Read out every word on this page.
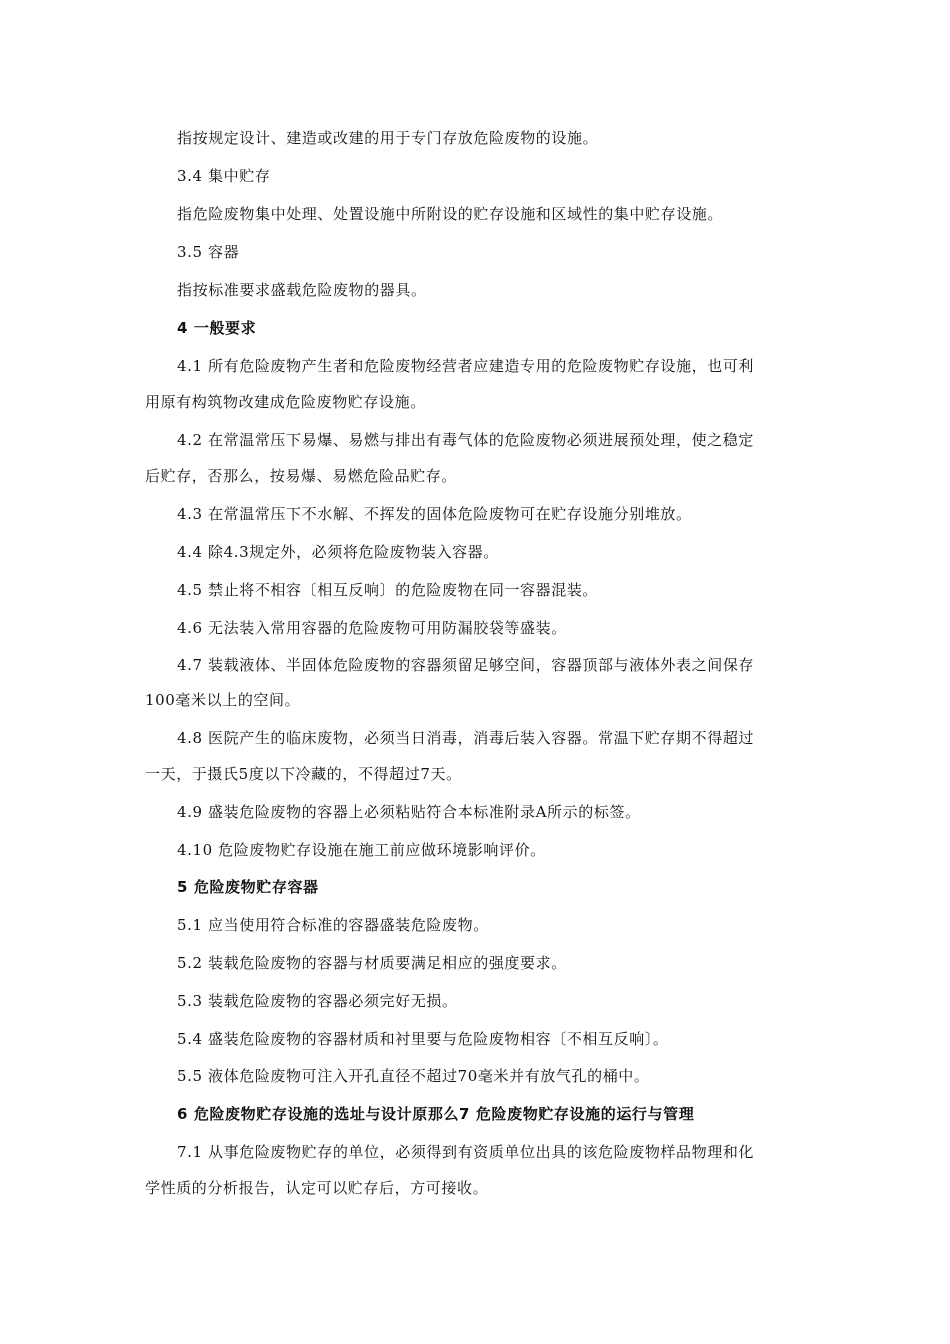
指按规定设计、建造或改建的用于专门存放危险废物的设施。
3.4 集中贮存
指危险废物集中处理、处置设施中所附设的贮存设施和区域性的集中贮存设施。
3.5 容器
指按标准要求盛载危险废物的器具。
4 一般要求
4.1 所有危险废物产生者和危险废物经营者应建造专用的危险废物贮存设施，也可利
用原有构筑物改建成危险废物贮存设施。
4.2 在常温常压下易爆、易燃与排出有毒气体的危险废物必须进展预处理，使之稳定
后贮存，否那么，按易爆、易燃危险品贮存。
4.3 在常温常压下不水解、不挥发的固体危险废物可在贮存设施分别堆放。
4.4 除4.3规定外，必须将危险废物装入容器。
4.5 禁止将不相容〔相互反响〕的危险废物在同一容器混装。
4.6 无法装入常用容器的危险废物可用防漏胶袋等盛装。
4.7 装载液体、半固体危险废物的容器须留足够空间，容器顶部与液体外表之间保存
100毫米以上的空间。
4.8 医院产生的临床废物，必须当日消毒，消毒后装入容器。常温下贮存期不得超过
一天，于摄氏5度以下冷藏的，不得超过7天。
4.9 盛装危险废物的容器上必须粘贴符合本标准附录A所示的标签。
4.10 危险废物贮存设施在施工前应做环境影响评价。
5 危险废物贮存容器
5.1 应当使用符合标准的容器盛装危险废物。
5.2 装载危险废物的容器与材质要满足相应的强度要求。
5.3 装载危险废物的容器必须完好无损。
5.4 盛装危险废物的容器材质和衬里要与危险废物相容〔不相互反响〕。
5.5 液体危险废物可注入开孔直径不超过70毫米并有放气孔的桶中。
6 危险废物贮存设施的选址与设计原那么7 危险废物贮存设施的运行与管理
7.1 从事危险废物贮存的单位，必须得到有资质单位出具的该危险废物样品物理和化
学性质的分析报告，认定可以贮存后，方可接收。
